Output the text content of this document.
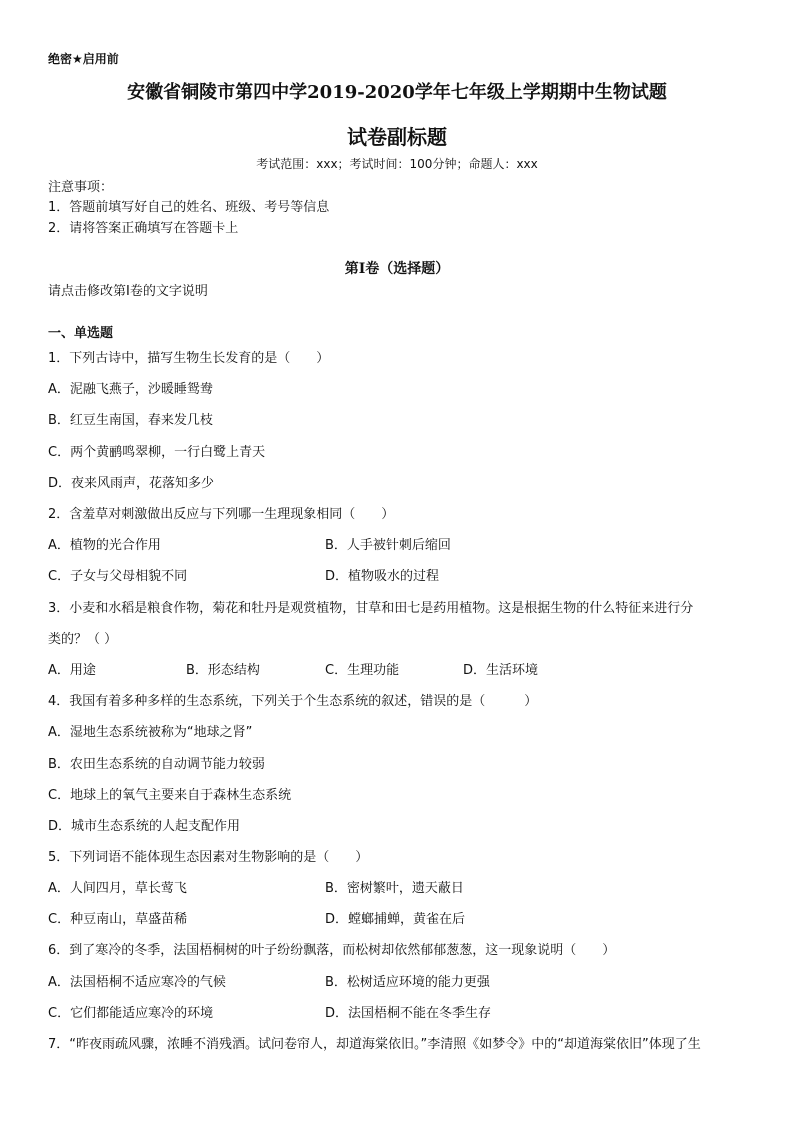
绝密★启用前
安徽省铜陵市第四中学2019-2020学年七年级上学期期中生物试题
试卷副标题
考试范围：xxx；考试时间：100分钟；命题人：xxx
注意事项：
1．答题前填写好自己的姓名、班级、考号等信息
2．请将答案正确填写在答题卡上
第I卷（选择题）
请点击修改第I卷的文字说明
一、单选题
1．下列古诗中，描写生物生长发育的是（　　）
A．泥融飞燕子，沙暖睡鸳鸯
B．红豆生南国，春来发几枝
C．两个黄鹂鸣翠柳，一行白鹭上青天
D．夜来风雨声，花落知多少
2．含羞草对刺激做出反应与下列哪一生理现象相同（　　）
A．植物的光合作用	B．人手被针刺后缩回
C．子女与父母相貌不同	D．植物吸水的过程
3．小麦和水稻是粮食作物，菊花和牡丹是观赏植物，甘草和田七是药用植物。这是根据生物的什么特征来进行分
类的？（ ）
A．用途	B．形态结构	C．生理功能	D．生活环境
4．我国有着多种多样的生态系统，下列关于个生态系统的叙述，错误的是（　　　）
A．湿地生态系统被称为“地球之肾”
B．农田生态系统的自动调节能力较弱
C．地球上的氧气主要来自于森林生态系统
D．城市生态系统的人起支配作用
5．下列词语不能体现生态因素对生物影响的是（　　）
A．人间四月，草长莺飞	B．密树繁叶，遗天蔽日
C．种豆南山，草盛苗稀	D．螳螂捕蝉，黄雀在后
6．到了寒冷的冬季，法国梧桐树的叶子纷纷飘落，而松树却依然郁郁葱葱，这一现象说明（　　）
A．法国梧桐不适应寒冷的气候	B．松树适应环境的能力更强
C．它们都能适应寒冷的环境	D．法国梧桐不能在冬季生存
7．“昨夜雨疏风骤，浓睡不消残酒。试问卷帘人，却道海棠依旧。”李清照《如梦令》中的“却道海棠依旧”体现了生
